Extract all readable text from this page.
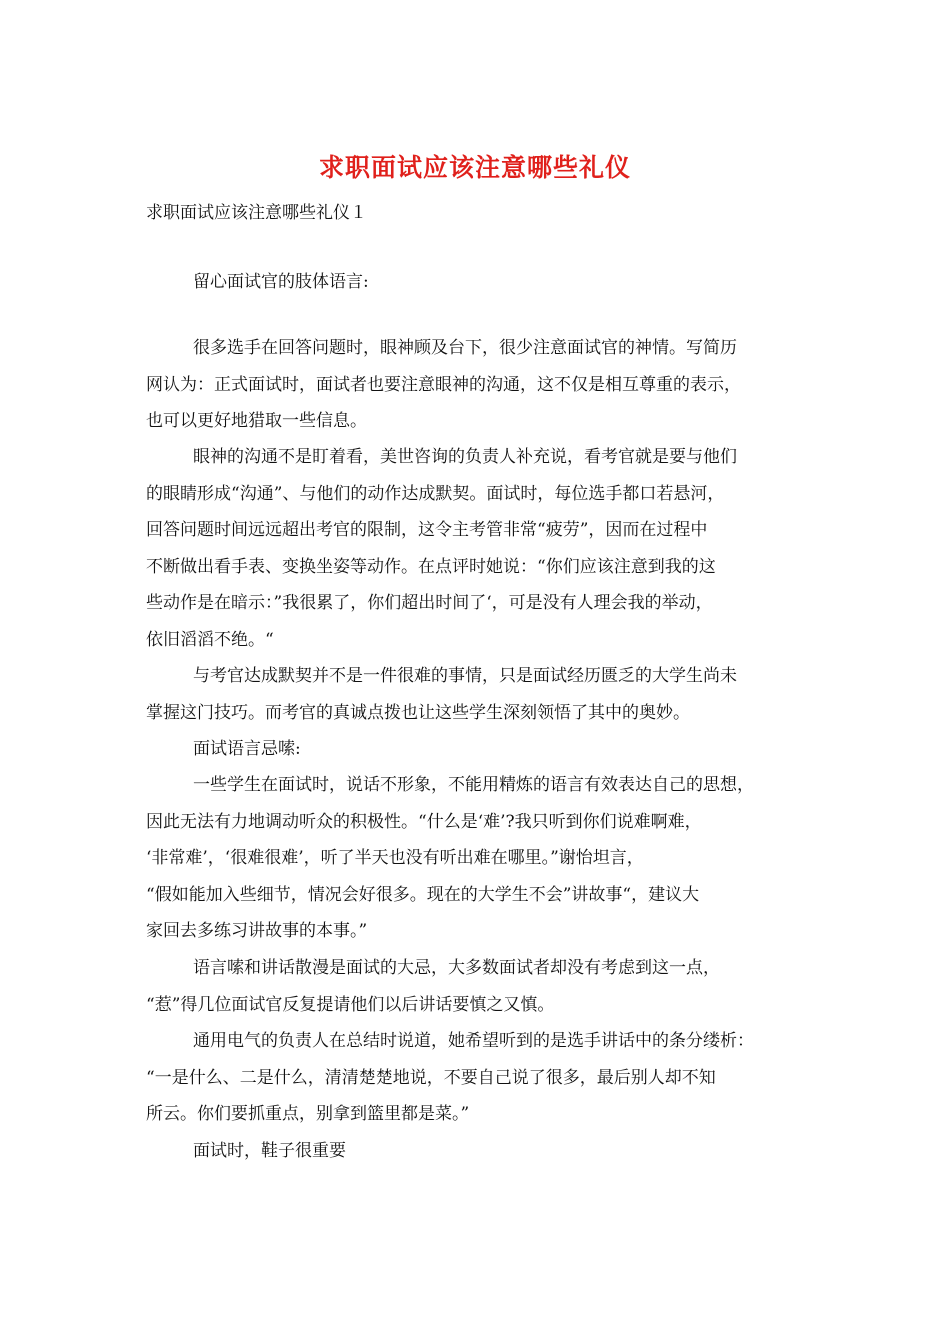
求职面试应该注意哪些礼仪
求职面试应该注意哪些礼仪１
留心面试官的肢体语言:
很多选手在回答问题时，眼神顾及台下，很少注意面试官的神情。写简历
网认为：正式面试时，面试者也要注意眼神的沟通，这不仅是相互尊重的表示，
也可以更好地猎取一些信息。
眼神的沟通不是盯着看，美世咨询的负责人补充说，看考官就是要与他们
的眼睛形成“沟通”、与他们的动作达成默契。面试时，每位选手都口若悬河，
回答问题时间远远超出考官的限制，这令主考管非常“疲劳”，因而在过程中
不断做出看手表、变换坐姿等动作。在点评时她说：“你们应该注意到我的这
些动作是在暗示：”我很累了，你们超出时间了‘，可是没有人理会我的举动，
依旧滔滔不绝。“
与考官达成默契并不是一件很难的事情，只是面试经历匮乏的大学生尚未
掌握这门技巧。而考官的真诚点拨也让这些学生深刻领悟了其中的奥妙。
面试语言忌嗦:
一些学生在面试时，说话不形象，不能用精炼的语言有效表达自己的思想，
因此无法有力地调动听众的积极性。“什么是‘难’?我只听到你们说难啊难，
‘非常难’，‘很难很难’，听了半天也没有听出难在哪里。”谢怡坦言，
“假如能加入些细节，情况会好很多。现在的大学生不会”讲故事“，建议大
家回去多练习讲故事的本事。”
语言嗦和讲话散漫是面试的大忌，大多数面试者却没有考虑到这一点，
“惹”得几位面试官反复提请他们以后讲话要慎之又慎。
通用电气的负责人在总结时说道，她希望听到的是选手讲话中的条分缕析：
“一是什么、二是什么，清清楚楚地说，不要自己说了很多，最后别人却不知
所云。你们要抓重点，别拿到篮里都是菜。”
面试时，鞋子很重要
